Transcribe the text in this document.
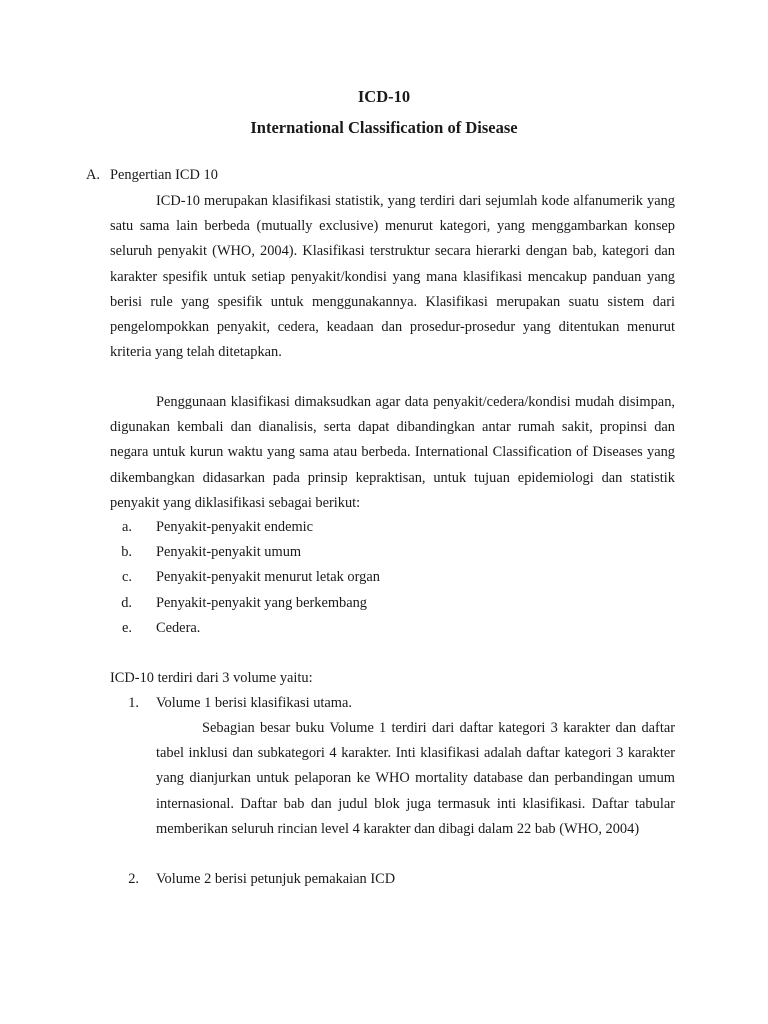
ICD-10
International Classification of Disease

A. Pengertian ICD 10

ICD-10 merupakan klasifikasi statistik, yang terdiri dari sejumlah kode alfanumerik yang satu sama lain berbeda (mutually exclusive) menurut kategori, yang menggambarkan konsep seluruh penyakit (WHO, 2004). Klasifikasi terstruktur secara hierarki dengan bab, kategori dan karakter spesifik untuk setiap penyakit/kondisi yang mana klasifikasi mencakup panduan yang berisi rule yang spesifik untuk menggunakannya. Klasifikasi merupakan suatu sistem dari pengelompokkan penyakit, cedera, keadaan dan prosedur-prosedur yang ditentukan menurut kriteria yang telah ditetapkan.

Penggunaan klasifikasi dimaksudkan agar data penyakit/cedera/kondisi mudah disimpan, digunakan kembali dan dianalisis, serta dapat dibandingkan antar rumah sakit, propinsi dan negara untuk kurun waktu yang sama atau berbeda. International Classification of Diseases yang dikembangkan didasarkan pada prinsip kepraktisan, untuk tujuan epidemiologi dan statistik penyakit yang diklasifikasi sebagai berikut:

a. Penyakit-penyakit endemic
b. Penyakit-penyakit umum
c. Penyakit-penyakit menurut letak organ
d. Penyakit-penyakit yang berkembang
e. Cedera.

ICD-10 terdiri dari 3 volume yaitu:

1. Volume 1 berisi klasifikasi utama.

Sebagian besar buku Volume 1 terdiri dari daftar kategori 3 karakter dan daftar tabel inklusi dan subkategori 4 karakter. Inti klasifikasi adalah daftar kategori 3 karakter yang dianjurkan untuk pelaporan ke WHO mortality database dan perbandingan umum internasional. Daftar bab dan judul blok juga termasuk inti klasifikasi. Daftar tabular memberikan seluruh rincian level 4 karakter dan dibagi dalam 22 bab (WHO, 2004)

2. Volume 2 berisi petunjuk pemakaian ICD
